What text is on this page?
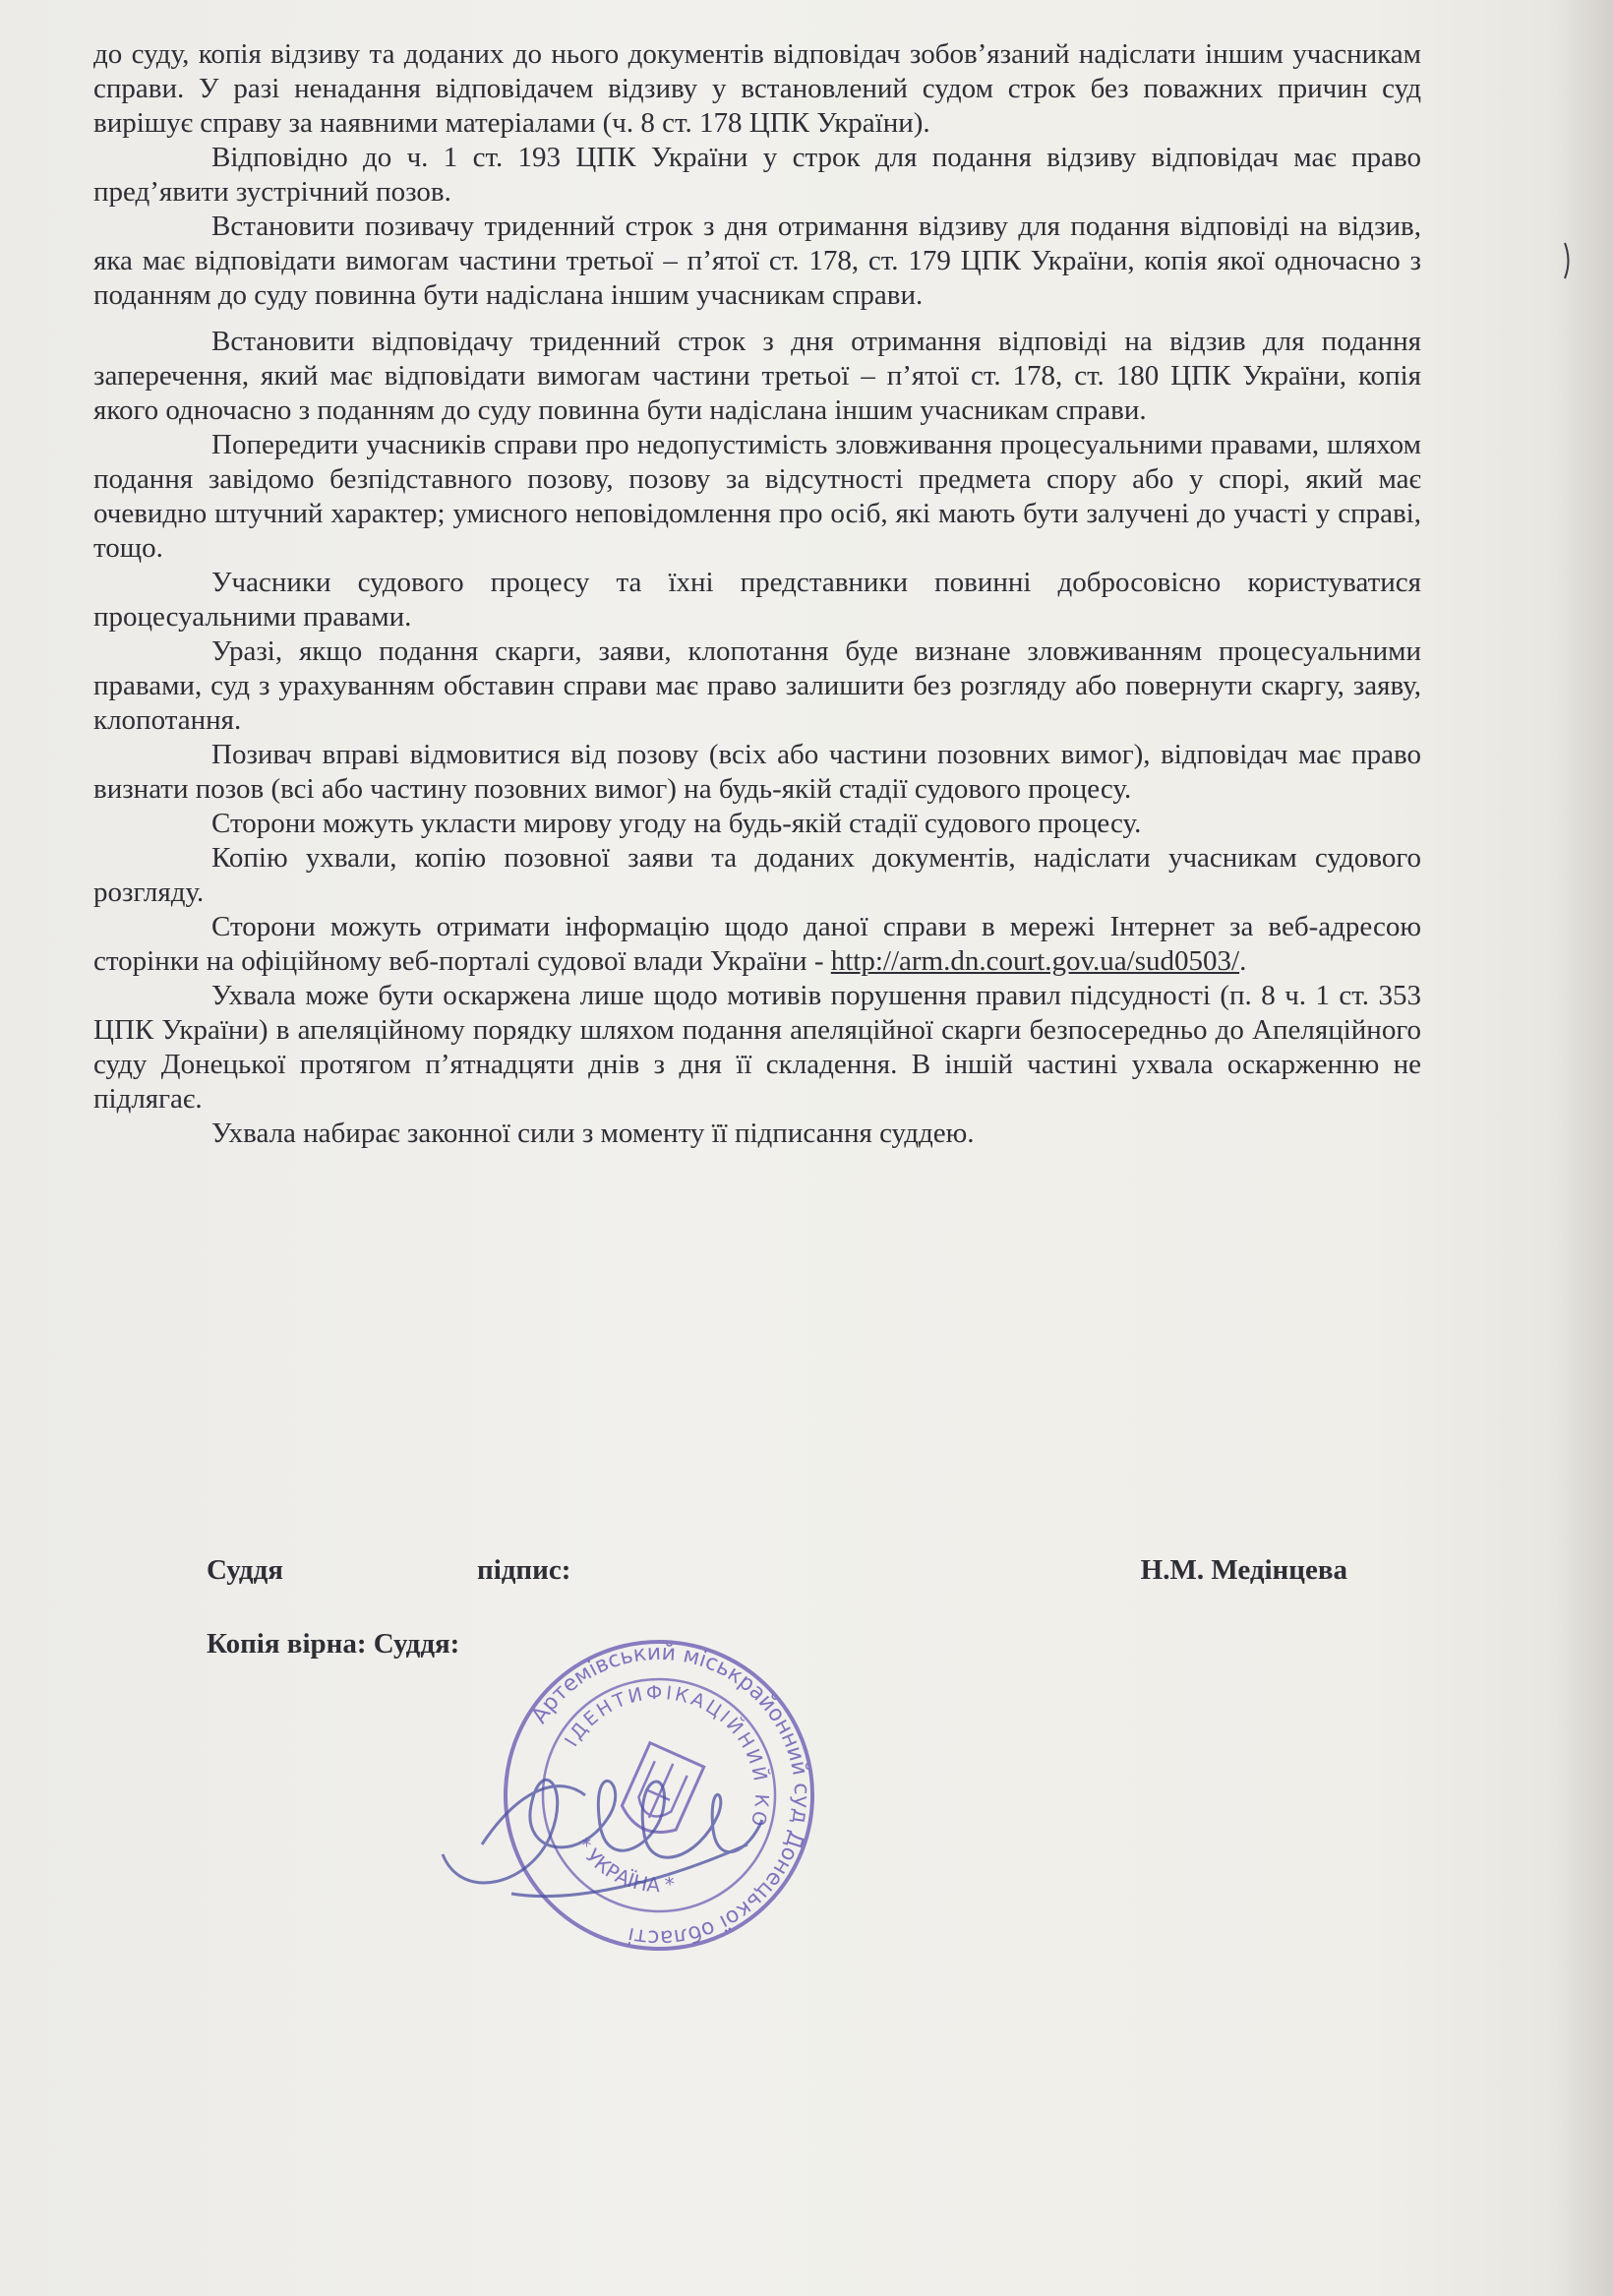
до суду, копія відзиву та доданих до нього документів відповідач зобов’язаний надіслати іншим учасникам справи. У разі ненадання відповідачем відзиву у встановлений судом строк без поважних причин суд вирішує справу за наявними матеріалами (ч. 8 ст. 178 ЦПК України).

Відповідно до ч. 1 ст. 193 ЦПК України у строк для подання відзиву відповідач має право пред’явити зустрічний позов.

Встановити позивачу триденний строк з дня отримання відзиву для подання відповіді на відзив, яка має відповідати вимогам частини третьої – п’ятої ст. 178, ст. 179 ЦПК України, копія якої одночасно з поданням до суду повинна бути надіслана іншим учасникам справи.

Встановити відповідачу триденний строк з дня отримання відповіді на відзив для подання заперечення, який має відповідати вимогам частини третьої – п’ятої ст. 178, ст. 180 ЦПК України, копія якого одночасно з поданням до суду повинна бути надіслана іншим учасникам справи.

Попередити учасників справи про недопустимість зловживання процесуальними правами, шляхом подання завідомо безпідставного позову, позову за відсутності предмета спору або у спорі, який має очевидно штучний характер; умисного неповідомлення про осіб, які мають бути залучені до участі у справі, тощо.

Учасники судового процесу та їхні представники повинні добросовісно користуватися процесуальними правами.

Уразі, якщо подання скарги, заяви, клопотання буде визнане зловживанням процесуальними правами, суд з урахуванням обставин справи має право залишити без розгляду або повернути скаргу, заяву, клопотання.

Позивач вправі відмовитися від позову (всіх або частини позовних вимог), відповідач має право визнати позов (всі або частину позовних вимог) на будь-якій стадії судового процесу.

Сторони можуть укласти мирову угоду на будь-якій стадії судового процесу.

Копію ухвали, копію позовної заяви та доданих документів, надіслати учасникам судового розгляду.

Сторони можуть отримати інформацію щодо даної справи в мережі Інтернет за веб-адресою сторінки на офіційному веб-порталі судової влади України - http://arm.dn.court.gov.ua/sud0503/.

Ухвала може бути оскаржена лише щодо мотивів порушення правил підсудності (п. 8 ч. 1 ст. 353 ЦПК України) в апеляційному порядку шляхом подання апеляційної скарги безпосередньо до Апеляційного суду Донецької протягом п’ятнадцяти днів з дня її складення. В іншій частині ухвала оскарженню не підлягає.

Ухвала набирає законної сили з моменту її підписання суддею.

Суддя	підпис:	Н.М. Медінцева
Копія вірна: Суддя:
Артемівський міськрайонний суд Донецької області
ІДЕНТИФІКАЦІЙНИЙ КОД
* УКРАЇНА *
